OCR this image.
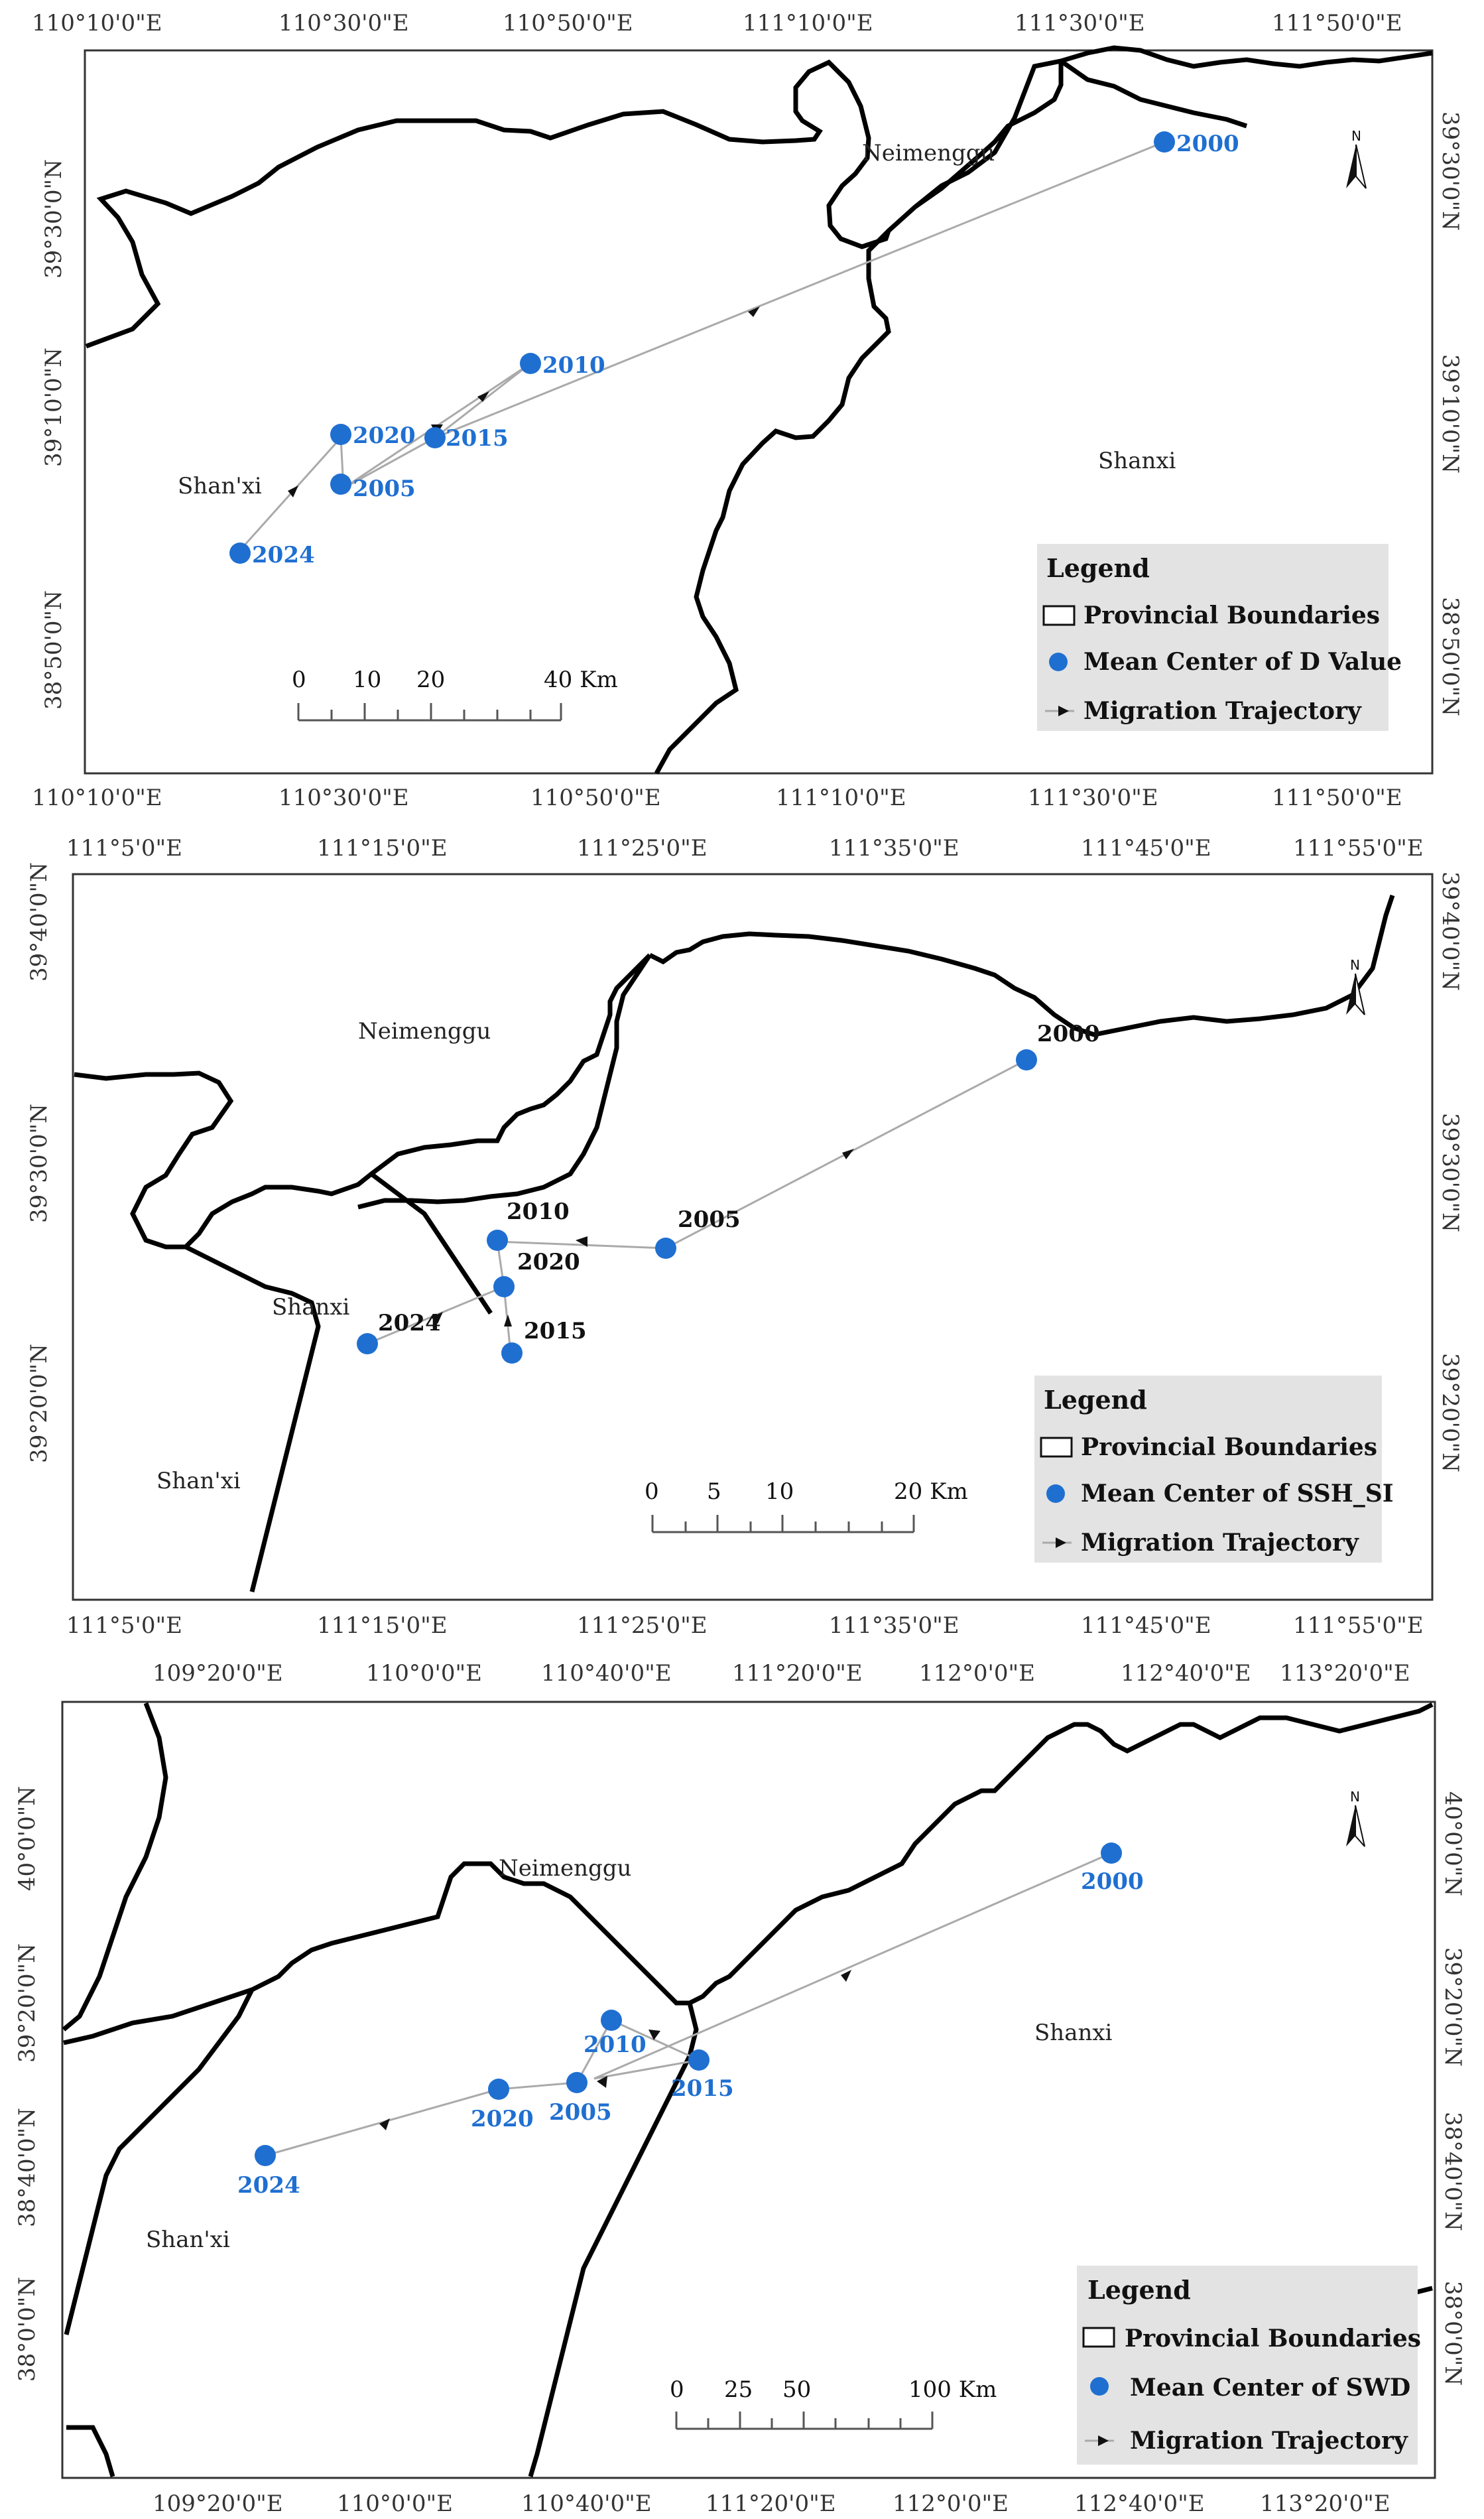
110°10'0"E	110°30'0"E	110°50'0"E	111°10'0"E	111°30'0"E	111°50'0"E
2000
2005
2010
2015
2020
2024
Neimenggu
Shan'xi
Shanxi
N
0 10 20	40 Km
Legend
Provincial Boundaries
Mean Center of D Value
Migration Trajectory
39°30'0"N
39°10'0"N
38°50'0"N
39°30'0"N
39°10'0"N
38°50'0"N
110°10'0"E	110°30'0"E	110°50'0"E	111°10'0"E	111°30'0"E	111°50'0"E
111°5'0"E	111°15'0"E	111°25'0"E	111°35'0"E	111°45'0"E	111°55'0"E
2000
2005
2010
2015
2020
2024
Neimenggu
Shanxi
Shan'xi
N
0 5 10	20 Km
Legend
Provincial Boundaries
Mean Center of SSH_SI
Migration Trajectory
39°40'0"N
39°30'0"N
39°20'0"N
39°40'0"N
39°30'0"N
39°20'0"N
111°5'0"E	111°15'0"E	111°25'0"E	111°35'0"E	111°45'0"E	111°55'0"E
109°20'0"E	110°0'0"E	110°40'0"E	111°20'0"E	112°0'0"E	112°40'0"E 113°20'0"E
2000
2005
2010
2015
2020
2024
Neimenggu
Shanxi
Shan'xi
N
0 25 50	100 Km
Legend
Provincial Boundaries
Mean Center of SWD
Migration Trajectory
40°0'0"N
39°20'0"N
38°40'0"N
38°0'0"N
40°0'0"N
39°20'0"N
38°40'0"N
38°0'0"N
109°20'0"E 110°0'0"E	110°40'0"E 111°20'0"E	112°0'0"E	112°40'0"E 113°20'0"E
